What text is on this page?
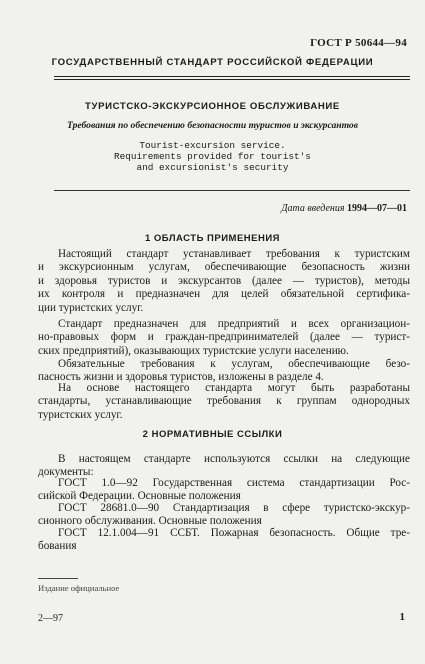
ГОСТ Р 50644—94
ГОСУДАРСТВЕННЫЙ СТАНДАРТ РОССИЙСКОЙ ФЕДЕРАЦИИ
ТУРИСТСКО-ЭКСКУРСИОННОЕ ОБСЛУЖИВАНИЕ
Требования по обеспечению безопасности туристов и экскурсантов
Tourist-excursion service.
Requirements provided for tourist's
and excursionist's security
Дата введения 1994—07—01
1 ОБЛАСТЬ ПРИМЕНЕНИЯ
Настоящий стандарт устанавливает требования к туристским
и экскурсионным услугам, обеспечивающие безопасность жизни
и здоровья туристов и экскурсантов (далее — туристов), методы
их контроля и предназначен для целей обязательной сертифика-
ции туристских услуг.
Стандарт предназначен для предприятий и всех организацион-
но-правовых форм и граждан-предпринимателей (далее — турист-
ских предприятий), оказывающих туристские услуги населению.
Обязательные требования к услугам, обеспечивающие безо-
пасность жизни и здоровья туристов, изложены в разделе 4.
На основе настоящего стандарта могут быть разработаны
стандарты, устанавливающие требования к группам однородных
туристских услуг.
2 НОРМАТИВНЫЕ ССЫЛКИ
В настоящем стандарте используются ссылки на следующие
документы:
ГОСТ 1.0—92 Государственная система стандартизации Рос-
сийской Федерации. Основные положения
ГОСТ 28681.0—90 Стандартизация в сфере туристско-экскур-
сионного обслуживания. Основные положения
ГОСТ 12.1.004—91 ССБТ. Пожарная безопасность. Общие тре-
бования
Издание официальное
2—97	1
